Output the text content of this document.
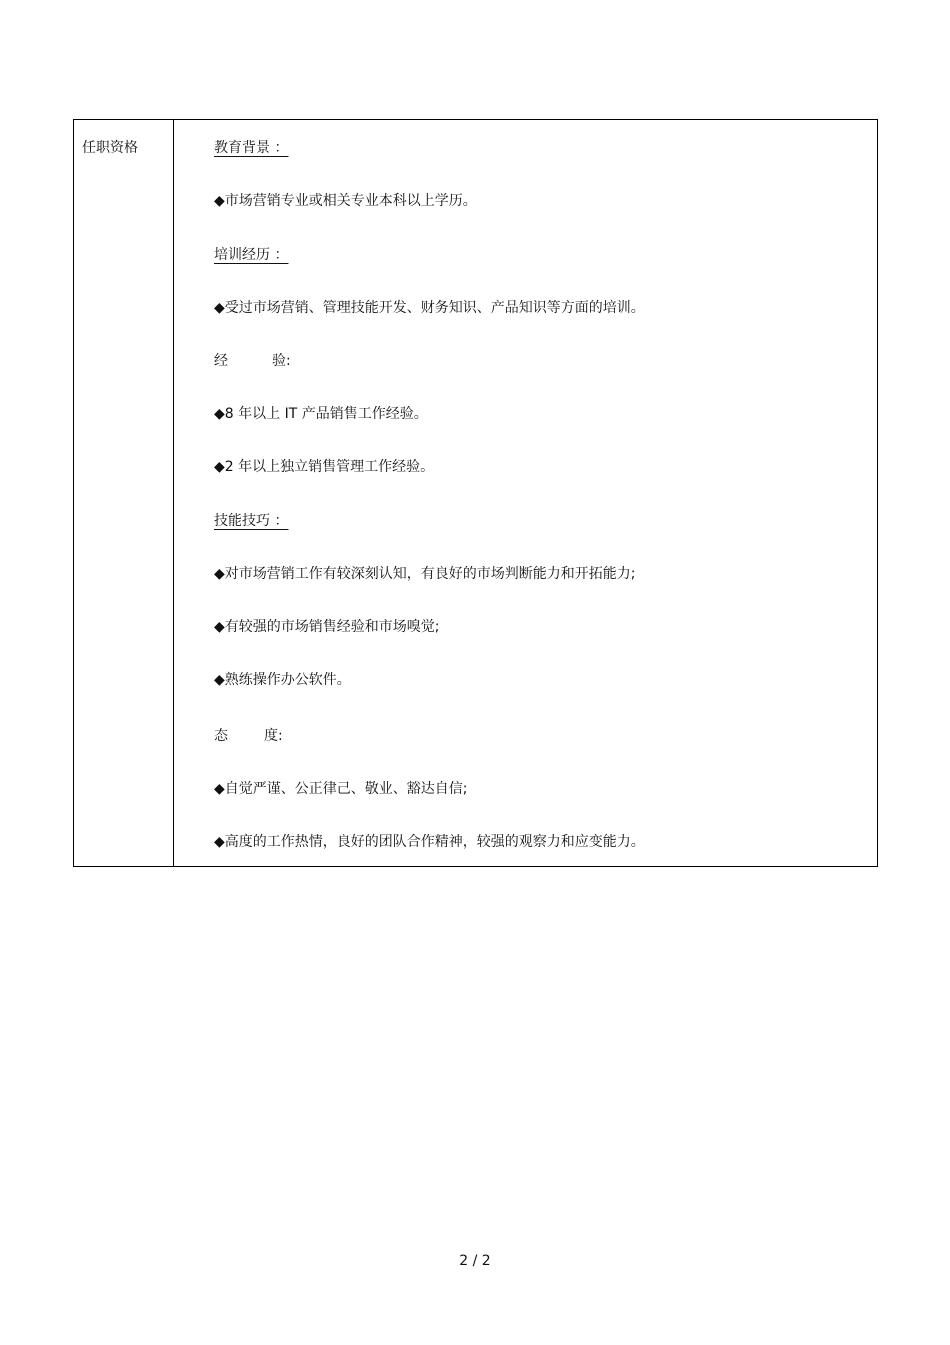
任职资格	教育背景 ：
◆市场营销专业或相关专业本科以上学历。
培训经历 ：
◆受过市场营销、管理技能开发、财务知识、产品知识等方面的培训。
经	验:
◆8 年以上 IT 产品销售工作经验。
◆2 年以上独立销售管理工作经验。
技能技巧 ：
◆对市场营销工作有较深刻认知，有良好的市场判断能力和开拓能力;
◆有较强的市场销售经验和市场嗅觉;
◆熟练操作办公软件。
态	度:
◆自觉严谨、公正律己、敬业、豁达自信;
◆高度的工作热情，良好的团队合作精神，较强的观察力和应变能力。
2 / 2
